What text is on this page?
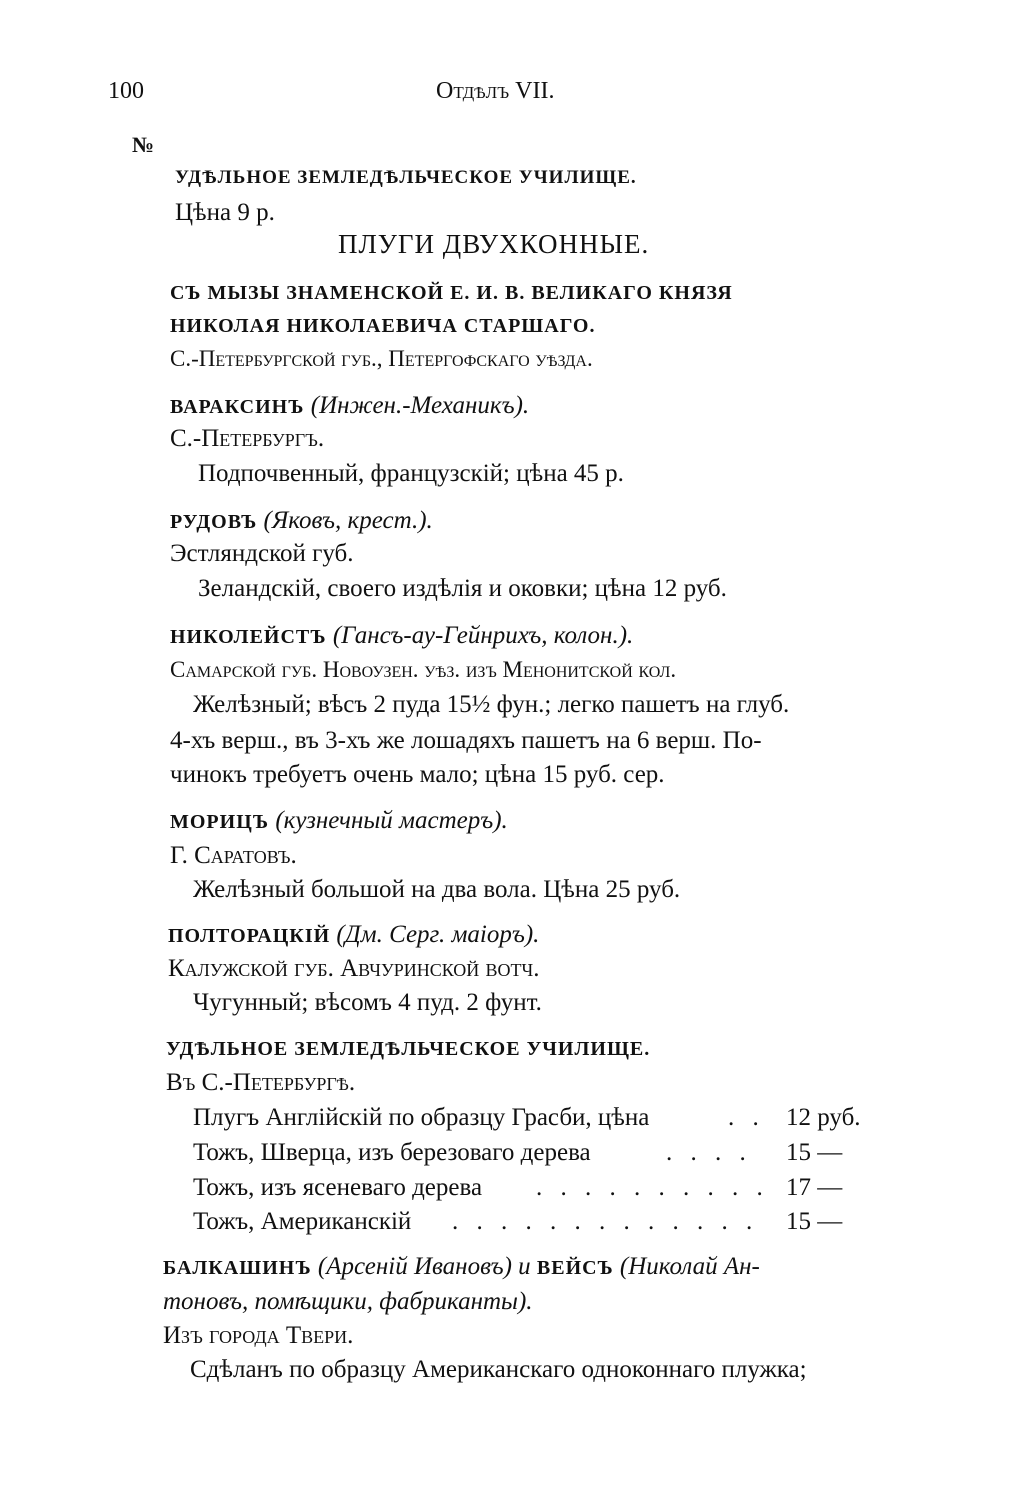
100	Отдѣлъ VII.
№
УДѢЛЬНОЕ ЗЕМЛЕДѢЛЬЧЕСКОЕ УЧИЛИЩЕ.
Цѣна 9 р.
ПЛУГИ ДВУХКОННЫЕ.
СЪ МЫЗЫ ЗНАМЕНСКОЙ Е. И. В. ВЕЛИКАГО КНЯЗЯ
НИКОЛАЯ НИКОЛАЕВИЧА СТАРШАГО.
С.-Петербургской губ., Петергофскаго уѣзда.
ВАРАКСИНЪ (Инжен.-Механикъ).
С.-Петербургъ.
Подпочвенный, французскій; цѣна 45 р.
РУДОВЪ (Яковъ, крест.).
Эстляндской губ.
Зеландскій, своего издѣлія и оковки; цѣна 12 руб.
НИКОЛЕЙСТЪ (Гансъ-ау-Гейнрихъ, колон.).
Самарской губ. Новоузен. уѣз. изъ Менонитской кол.
Желѣзный; вѣсъ 2 пуда 15½ фун.; легко пашетъ на глуб.
4-хъ верш., въ 3-хъ же лошадяхъ пашетъ на 6 верш. По-
чинокъ требуетъ очень мало; цѣна 15 руб. сер.
МОРИЦЪ (кузнечный мастеръ).
Г. Саратовъ.
Желѣзный большой на два вола. Цѣна 25 руб.
ПОЛТОРАЦКІЙ (Дм. Серг. маіоръ).
Калужской губ. Авчуринской вотч.
Чугунный; вѣсомъ 4 пуд. 2 фунт.
УДѢЛЬНОЕ ЗЕМЛЕДѢЛЬЧЕСКОЕ УЧИЛИЩЕ.
Въ С.-Петербургѣ.
Плугъ Англійскій по образцу Грасби, цѣна	. . 12 руб.
Тожъ, Шверца, изъ березоваго дерева	. . . . 15 —
Тожъ, изъ ясеневаго дерева . . . . . . . . . . 17 —
Тожъ, Американскій . . . . . . . . . . . . . 15 —
БАЛКАШИНЪ (Арсеній Ивановъ) и ВЕЙСЪ (Николай Ан-
тоновъ, помѣщики, фабриканты).
Изъ города Твери.
Сдѣланъ по образцу Американскаго одноконнаго плужка;
